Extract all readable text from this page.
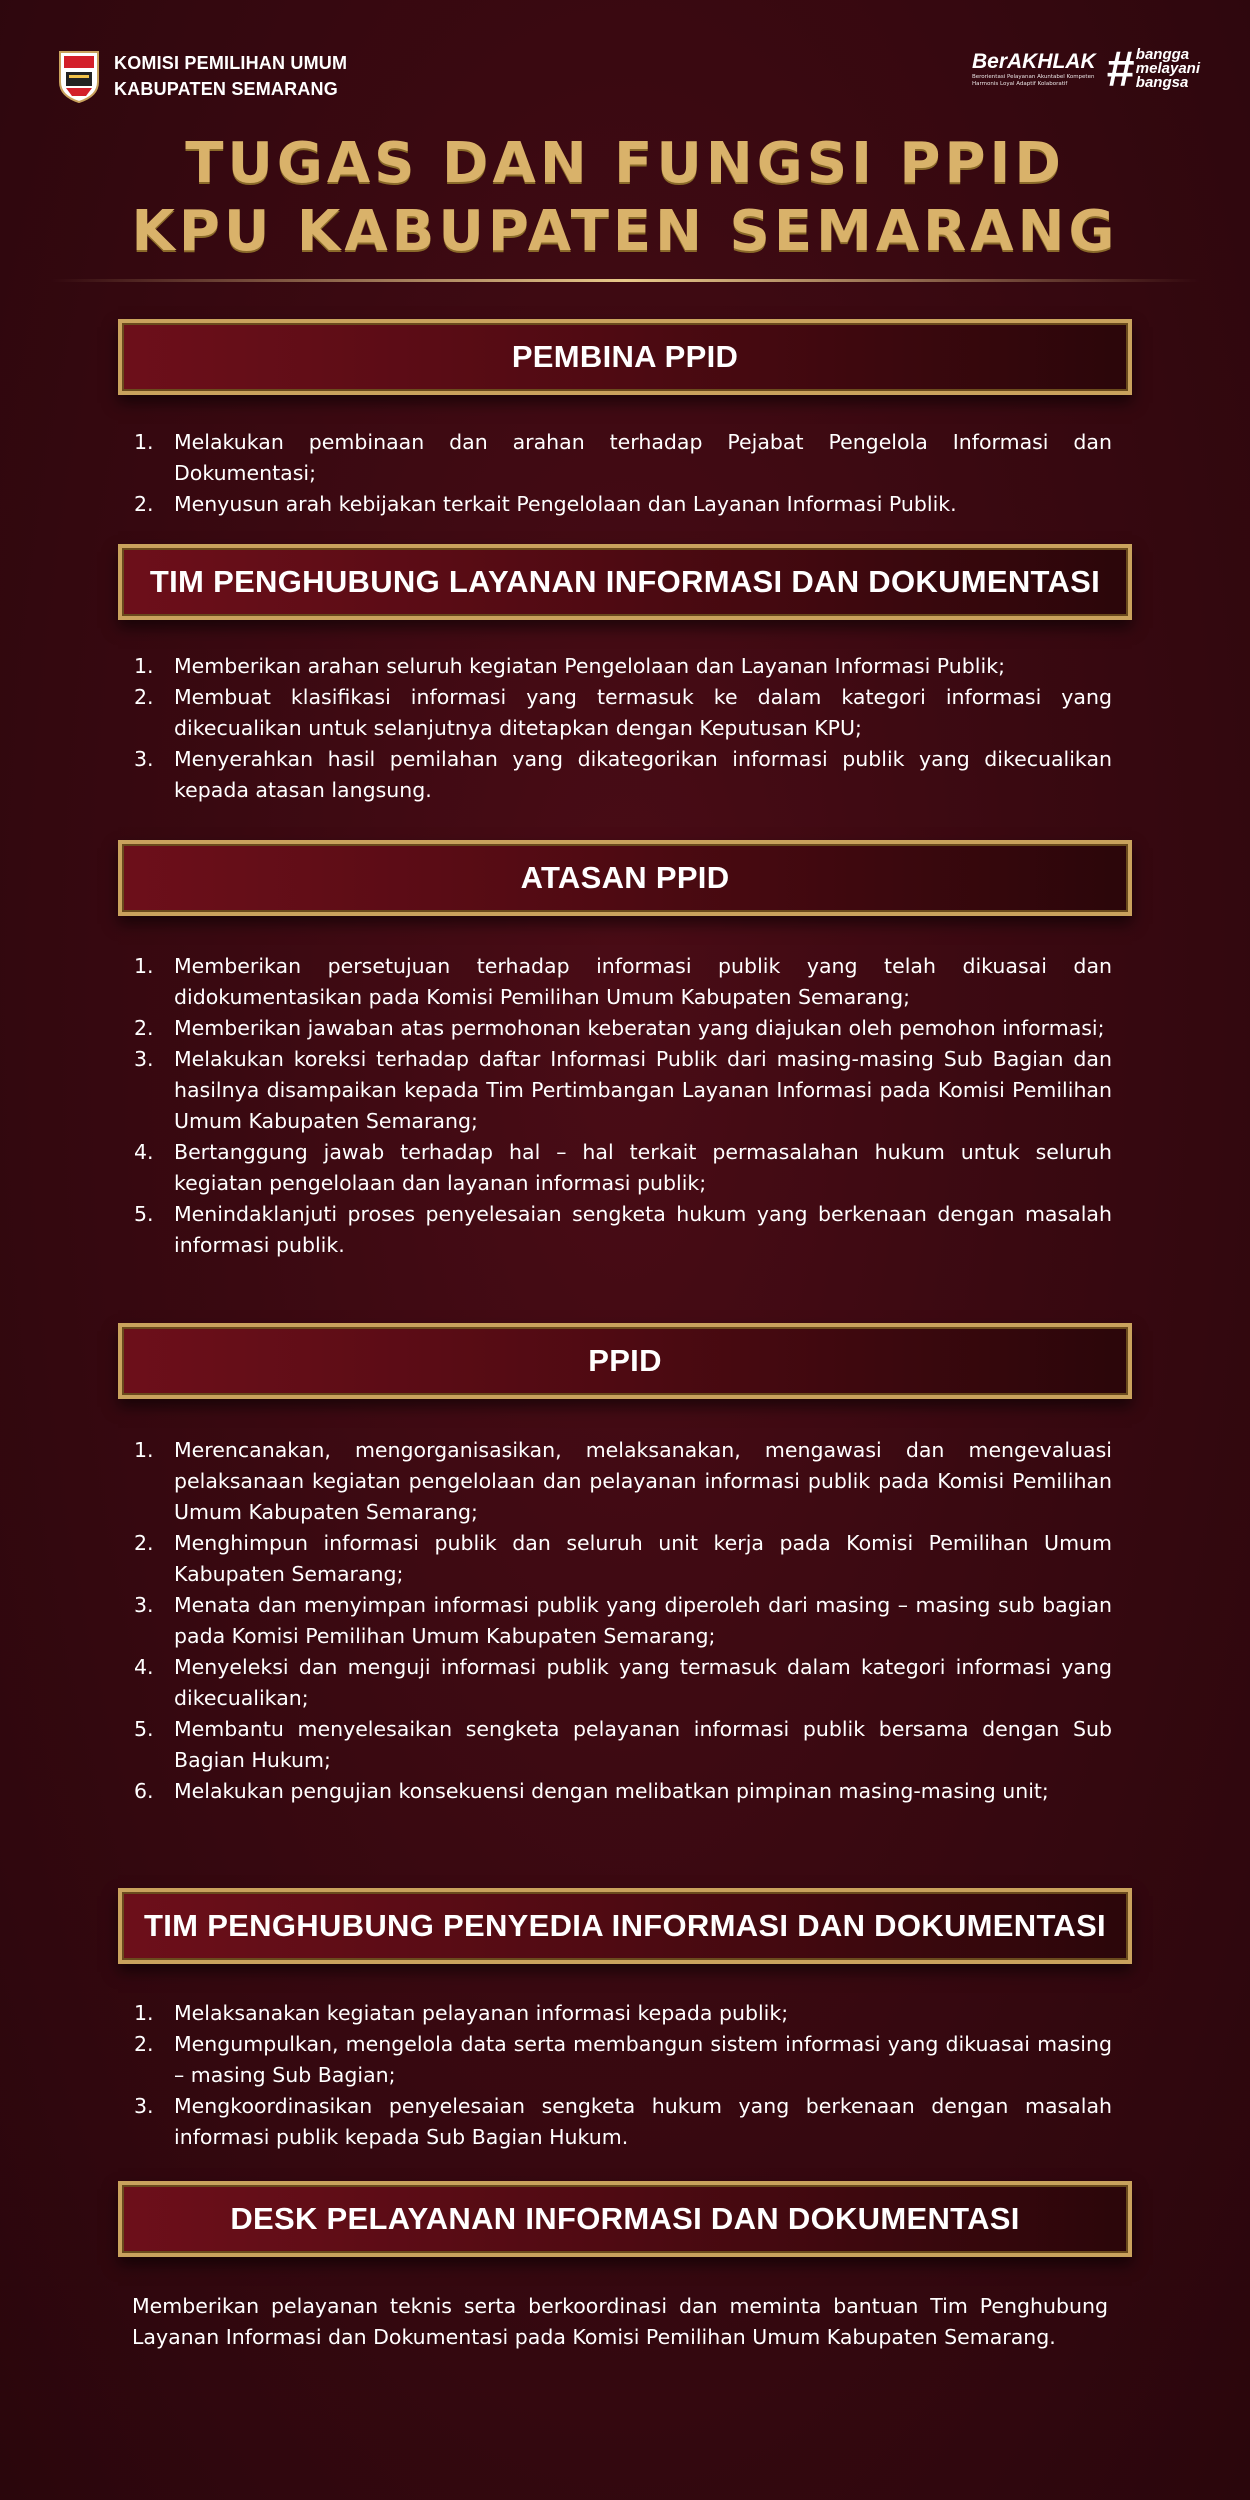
KOMISI PEMILIHAN UMUM
KABUPATEN SEMARANG
BerAKHLAK
Berorientasi Pelayanan Akuntabel Kompeten Harmonis Loyal Adaptif Kolaboratif # bangga
melayani
bangsa
TUGAS DAN FUNGSI PPID
KPU KABUPATEN SEMARANG
PEMBINA PPID
1. Melakukan pembinaan dan arahan terhadap Pejabat Pengelola Informasi dan Dokumentasi;
2. Menyusun arah kebijakan terkait Pengelolaan dan Layanan Informasi Publik.
TIM PENGHUBUNG LAYANAN INFORMASI DAN DOKUMENTASI
1. Memberikan arahan seluruh kegiatan Pengelolaan dan Layanan Informasi Publik;
2. Membuat klasifikasi informasi yang termasuk ke dalam kategori informasi yang dikecualikan untuk selanjutnya ditetapkan dengan Keputusan KPU;
3. Menyerahkan hasil pemilahan yang dikategorikan informasi publik yang dikecualikan kepada atasan langsung.
ATASAN PPID
1. Memberikan persetujuan terhadap informasi publik yang telah dikuasai dan didokumentasikan pada Komisi Pemilihan Umum Kabupaten Semarang;
2. Memberikan jawaban atas permohonan keberatan yang diajukan oleh pemohon informasi;
3. Melakukan koreksi terhadap daftar Informasi Publik dari masing-masing Sub Bagian dan hasilnya disampaikan kepada Tim Pertimbangan Layanan Informasi pada Komisi Pemilihan Umum Kabupaten Semarang;
4. Bertanggung jawab terhadap hal – hal terkait permasalahan hukum untuk seluruh kegiatan pengelolaan dan layanan informasi publik;
5. Menindaklanjuti proses penyelesaian sengketa hukum yang berkenaan dengan masalah informasi publik.
PPID
1. Merencanakan, mengorganisasikan, melaksanakan, mengawasi dan mengevaluasi pelaksanaan kegiatan pengelolaan dan pelayanan informasi publik pada Komisi Pemilihan Umum Kabupaten Semarang;
2. Menghimpun informasi publik dan seluruh unit kerja pada Komisi Pemilihan Umum Kabupaten Semarang;
3. Menata dan menyimpan informasi publik yang diperoleh dari masing – masing sub bagian pada Komisi Pemilihan Umum Kabupaten Semarang;
4. Menyeleksi dan menguji informasi publik yang termasuk dalam kategori informasi yang dikecualikan;
5. Membantu menyelesaikan sengketa pelayanan informasi publik bersama dengan Sub Bagian Hukum;
6. Melakukan pengujian konsekuensi dengan melibatkan pimpinan masing-masing unit;
TIM PENGHUBUNG PENYEDIA INFORMASI DAN DOKUMENTASI
1. Melaksanakan kegiatan pelayanan informasi kepada publik;
2. Mengumpulkan, mengelola data serta membangun sistem informasi yang dikuasai masing – masing Sub Bagian;
3. Mengkoordinasikan penyelesaian sengketa hukum yang berkenaan dengan masalah informasi publik kepada Sub Bagian Hukum.
DESK PELAYANAN INFORMASI DAN DOKUMENTASI

Memberikan pelayanan teknis serta berkoordinasi dan meminta bantuan Tim Penghubung Layanan Informasi dan Dokumentasi pada Komisi Pemilihan Umum Kabupaten Semarang.
